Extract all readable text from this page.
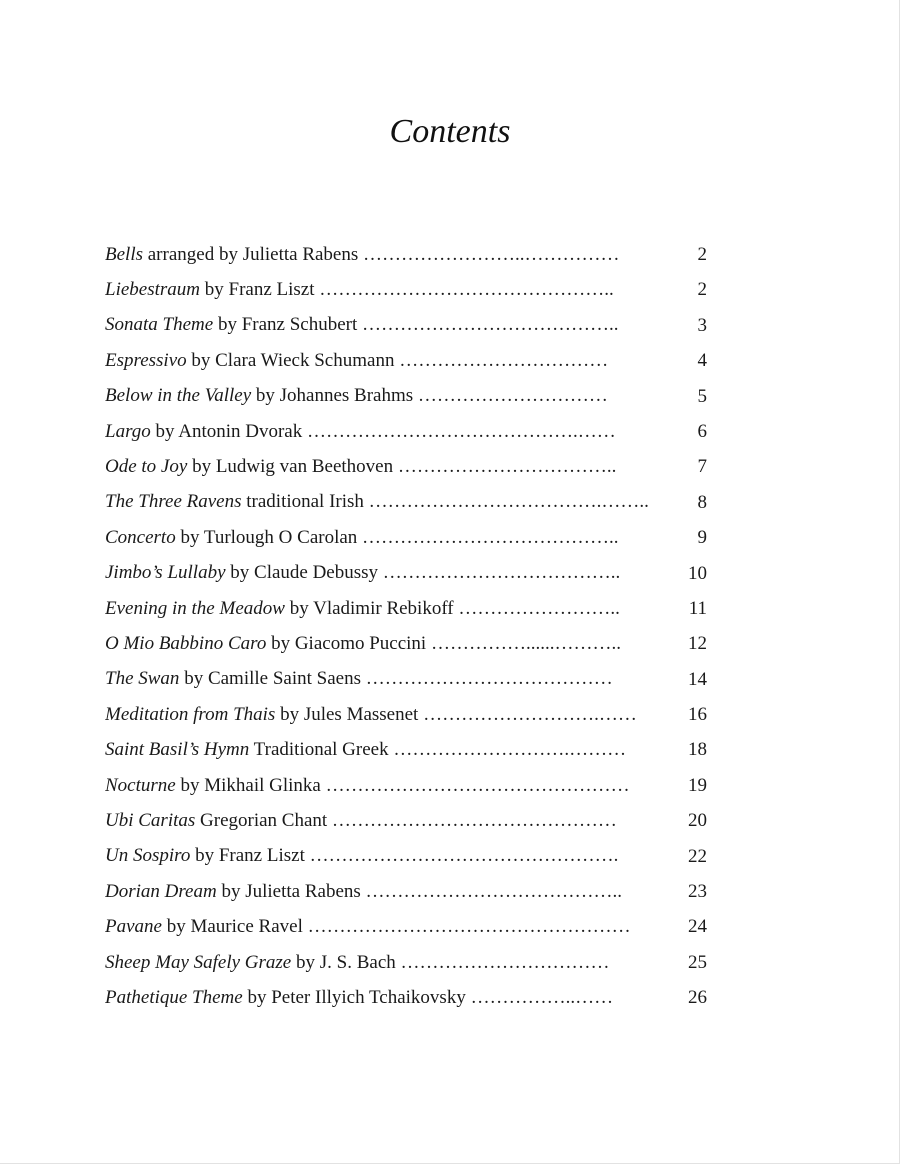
Contents
Bells arranged by Julietta Rabens ……………………..……………	2
Liebestraum by Franz Liszt ………………………………………..	2
Sonata Theme by Franz Schubert …………………………………..	3
Espressivo by Clara Wieck Schumann ……………………………	4
Below in the Valley by Johannes Brahms …………………………	5
Largo by Antonin Dvorak …………………………………….……	6
Ode to Joy by Ludwig van Beethoven ……………………………..	7
The Three Ravens traditional Irish ……………………………….……..	8
Concerto by Turlough O Carolan …………………………………..	9
Jimbo’s Lullaby by Claude Debussy ………………………………..	10
Evening in the Meadow by Vladimir Rebikoff ……………………..	11
O Mio Babbino Caro by Giacomo Puccini ……………......………..	12
The Swan by Camille Saint Saens …………………………………	14
Meditation from Thais by Jules Massenet ……………………….……	16
Saint Basil’s Hymn Traditional Greek ……………………….………	18
Nocturne by Mikhail Glinka …………………………………………	19
Ubi Caritas Gregorian Chant ………………………………………	20
Un Sospiro by Franz Liszt ………………………………………….	22
Dorian Dream by Julietta Rabens …………………………………..	23
Pavane by Maurice Ravel ……………………………………………	24
Sheep May Safely Graze by J. S. Bach ……………………………	25
Pathetique Theme by Peter Illyich Tchaikovsky ……………..……	26
